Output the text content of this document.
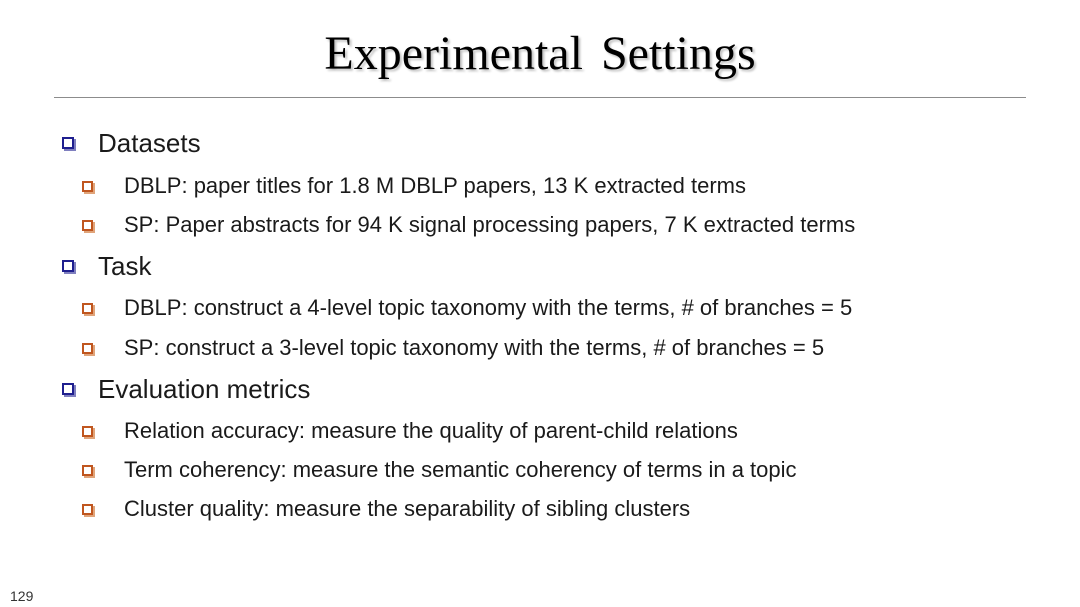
Experimental Settings
Datasets
DBLP: paper titles for 1.8 M DBLP papers, 13 K extracted terms
SP: Paper abstracts for 94 K signal processing papers, 7 K extracted terms
Task
DBLP: construct a 4-level topic taxonomy with the terms, # of branches = 5
SP: construct a 3-level topic taxonomy with the terms, # of branches = 5
Evaluation metrics
Relation accuracy: measure the quality of parent-child relations
Term coherency: measure the semantic coherency of terms in a topic
Cluster quality: measure the separability of sibling clusters
129
